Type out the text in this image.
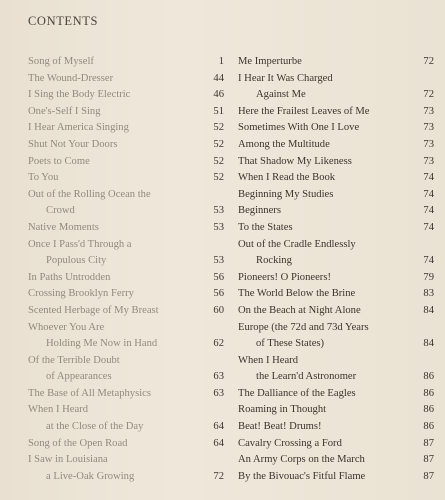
CONTENTS
Song of Myself	1
The Wound-Dresser	44
I Sing the Body Electric	46
One's-Self I Sing	51
I Hear America Singing	52
Shut Not Your Doors	52
Poets to Come	52
To You	52
Out of the Rolling Ocean the
Crowd	53
Native Moments	53
Once I Pass'd Through a
Populous City	53
In Paths Untrodden	56
Crossing Brooklyn Ferry	56
Scented Herbage of My Breast	60
Whoever You Are
Holding Me Now in Hand	62
Of the Terrible Doubt
of Appearances	63
The Base of All Metaphysics	63
When I Heard
at the Close of the Day	64
Song of the Open Road	64
I Saw in Louisiana
a Live-Oak Growing	72
Me Imperturbe	72
I Hear It Was Charged
Against Me	72
Here the Frailest Leaves of Me	73
Sometimes With One I Love	73
Among the Multitude	73
That Shadow My Likeness	73
When I Read the Book	74
Beginning My Studies	74
Beginners	74
To the States	74
Out of the Cradle Endlessly
Rocking	74
Pioneers! O Pioneers!	79
The World Below the Brine	83
On the Beach at Night Alone	84
Europe (the 72d and 73d Years
of These States)	84
When I Heard
the Learn'd Astronomer	86
The Dalliance of the Eagles	86
Roaming in Thought	86
Beat! Beat! Drums!	86
Cavalry Crossing a Ford	87
An Army Corps on the March	87
By the Bivouac's Fitful Flame	87
